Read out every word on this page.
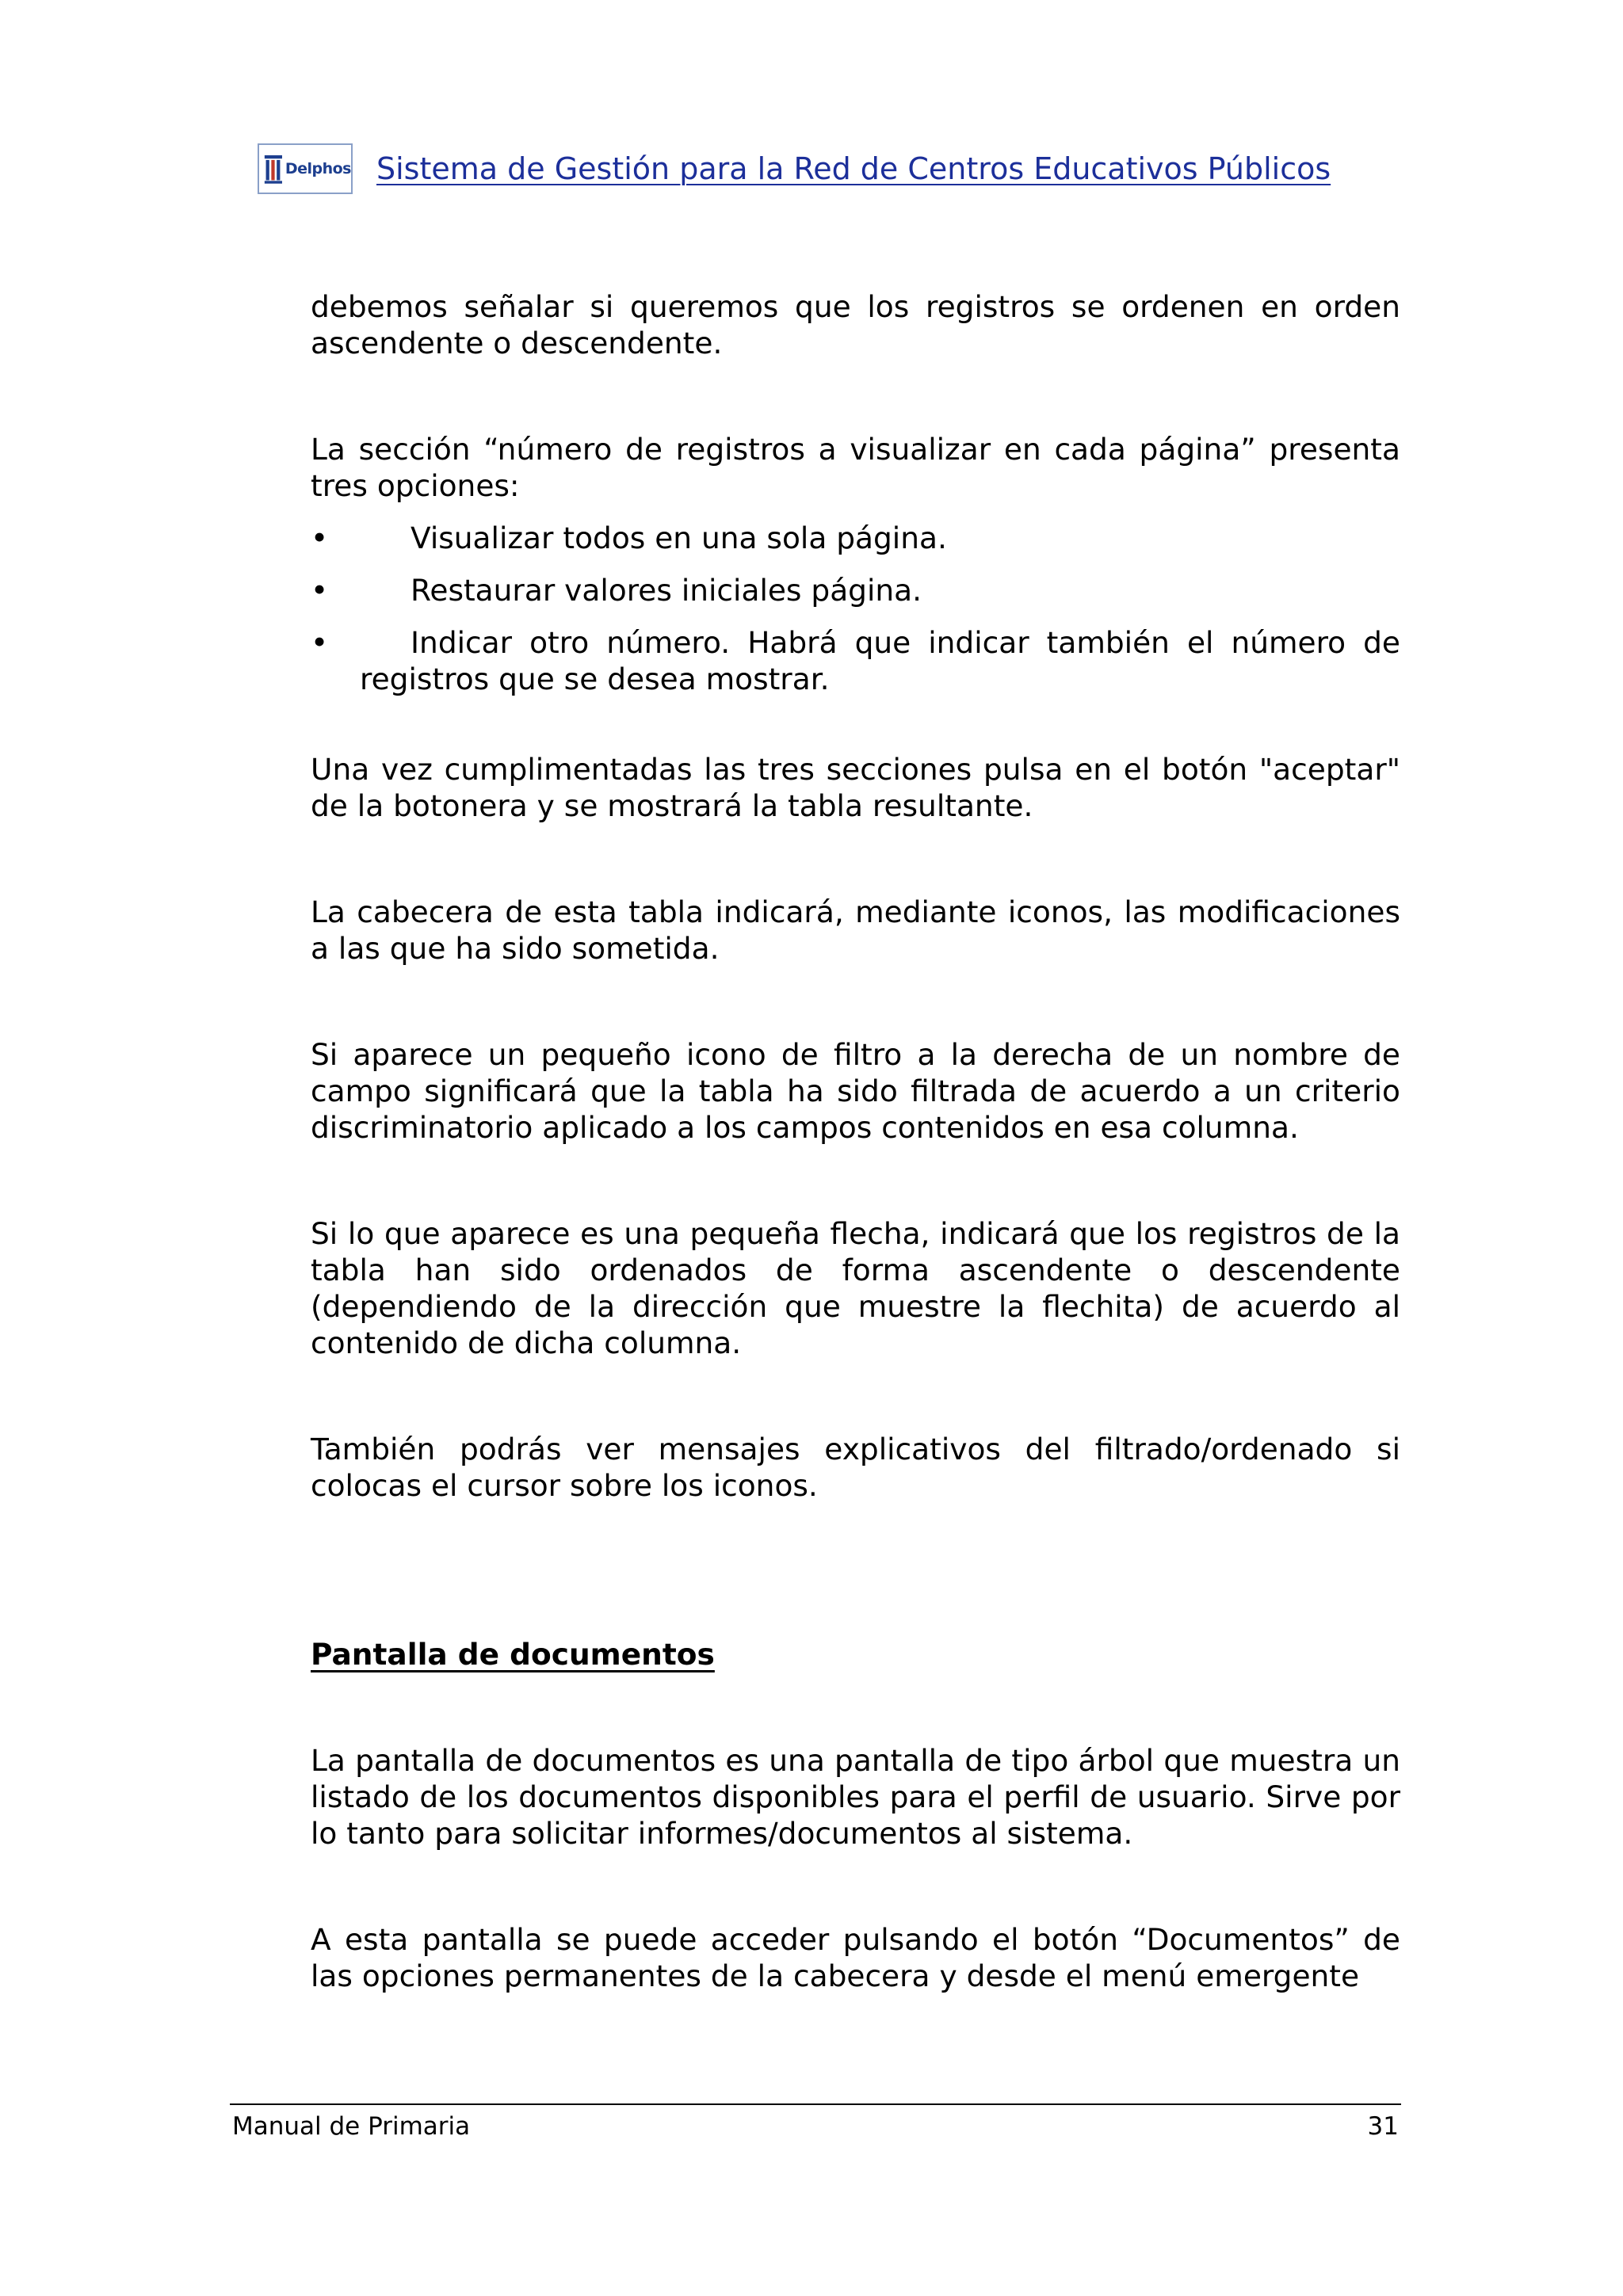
Delphos Sistema de Gestión para la Red de Centros Educativos Públicos

debemos señalar si queremos que los registros se ordenen en orden ascendente o descendente.

La sección “número de registros a visualizar en cada página” presenta tres opciones:

•	Visualizar todos en una sola página.
•	Restaurar valores iniciales página.
•	Indicar otro número. Habrá que indicar también el número de registros que se desea mostrar.

Una vez cumplimentadas las tres secciones pulsa en el botón "aceptar" de la botonera y se mostrará la tabla resultante.

La cabecera de esta tabla indicará, mediante iconos, las modificaciones a las que ha sido sometida.

Si aparece un pequeño icono de filtro a la derecha de un nombre de campo significará que la tabla ha sido filtrada de acuerdo a un criterio discriminatorio aplicado a los campos contenidos en esa columna.

Si lo que aparece es una pequeña flecha, indicará que los registros de la tabla han sido ordenados de forma ascendente o descendente (dependiendo de la dirección que muestre la flechita) de acuerdo al contenido de dicha columna.

También podrás ver mensajes explicativos del filtrado/ordenado si colocas el cursor sobre los iconos.

Pantalla de documentos

La pantalla de documentos es una pantalla de tipo árbol que muestra un listado de los documentos disponibles para el perfil de usuario. Sirve por lo tanto para solicitar informes/documentos al sistema.

A esta pantalla se puede acceder pulsando el botón “Documentos” de las opciones permanentes de la cabecera y desde el menú emergente

Manual de Primaria	31
